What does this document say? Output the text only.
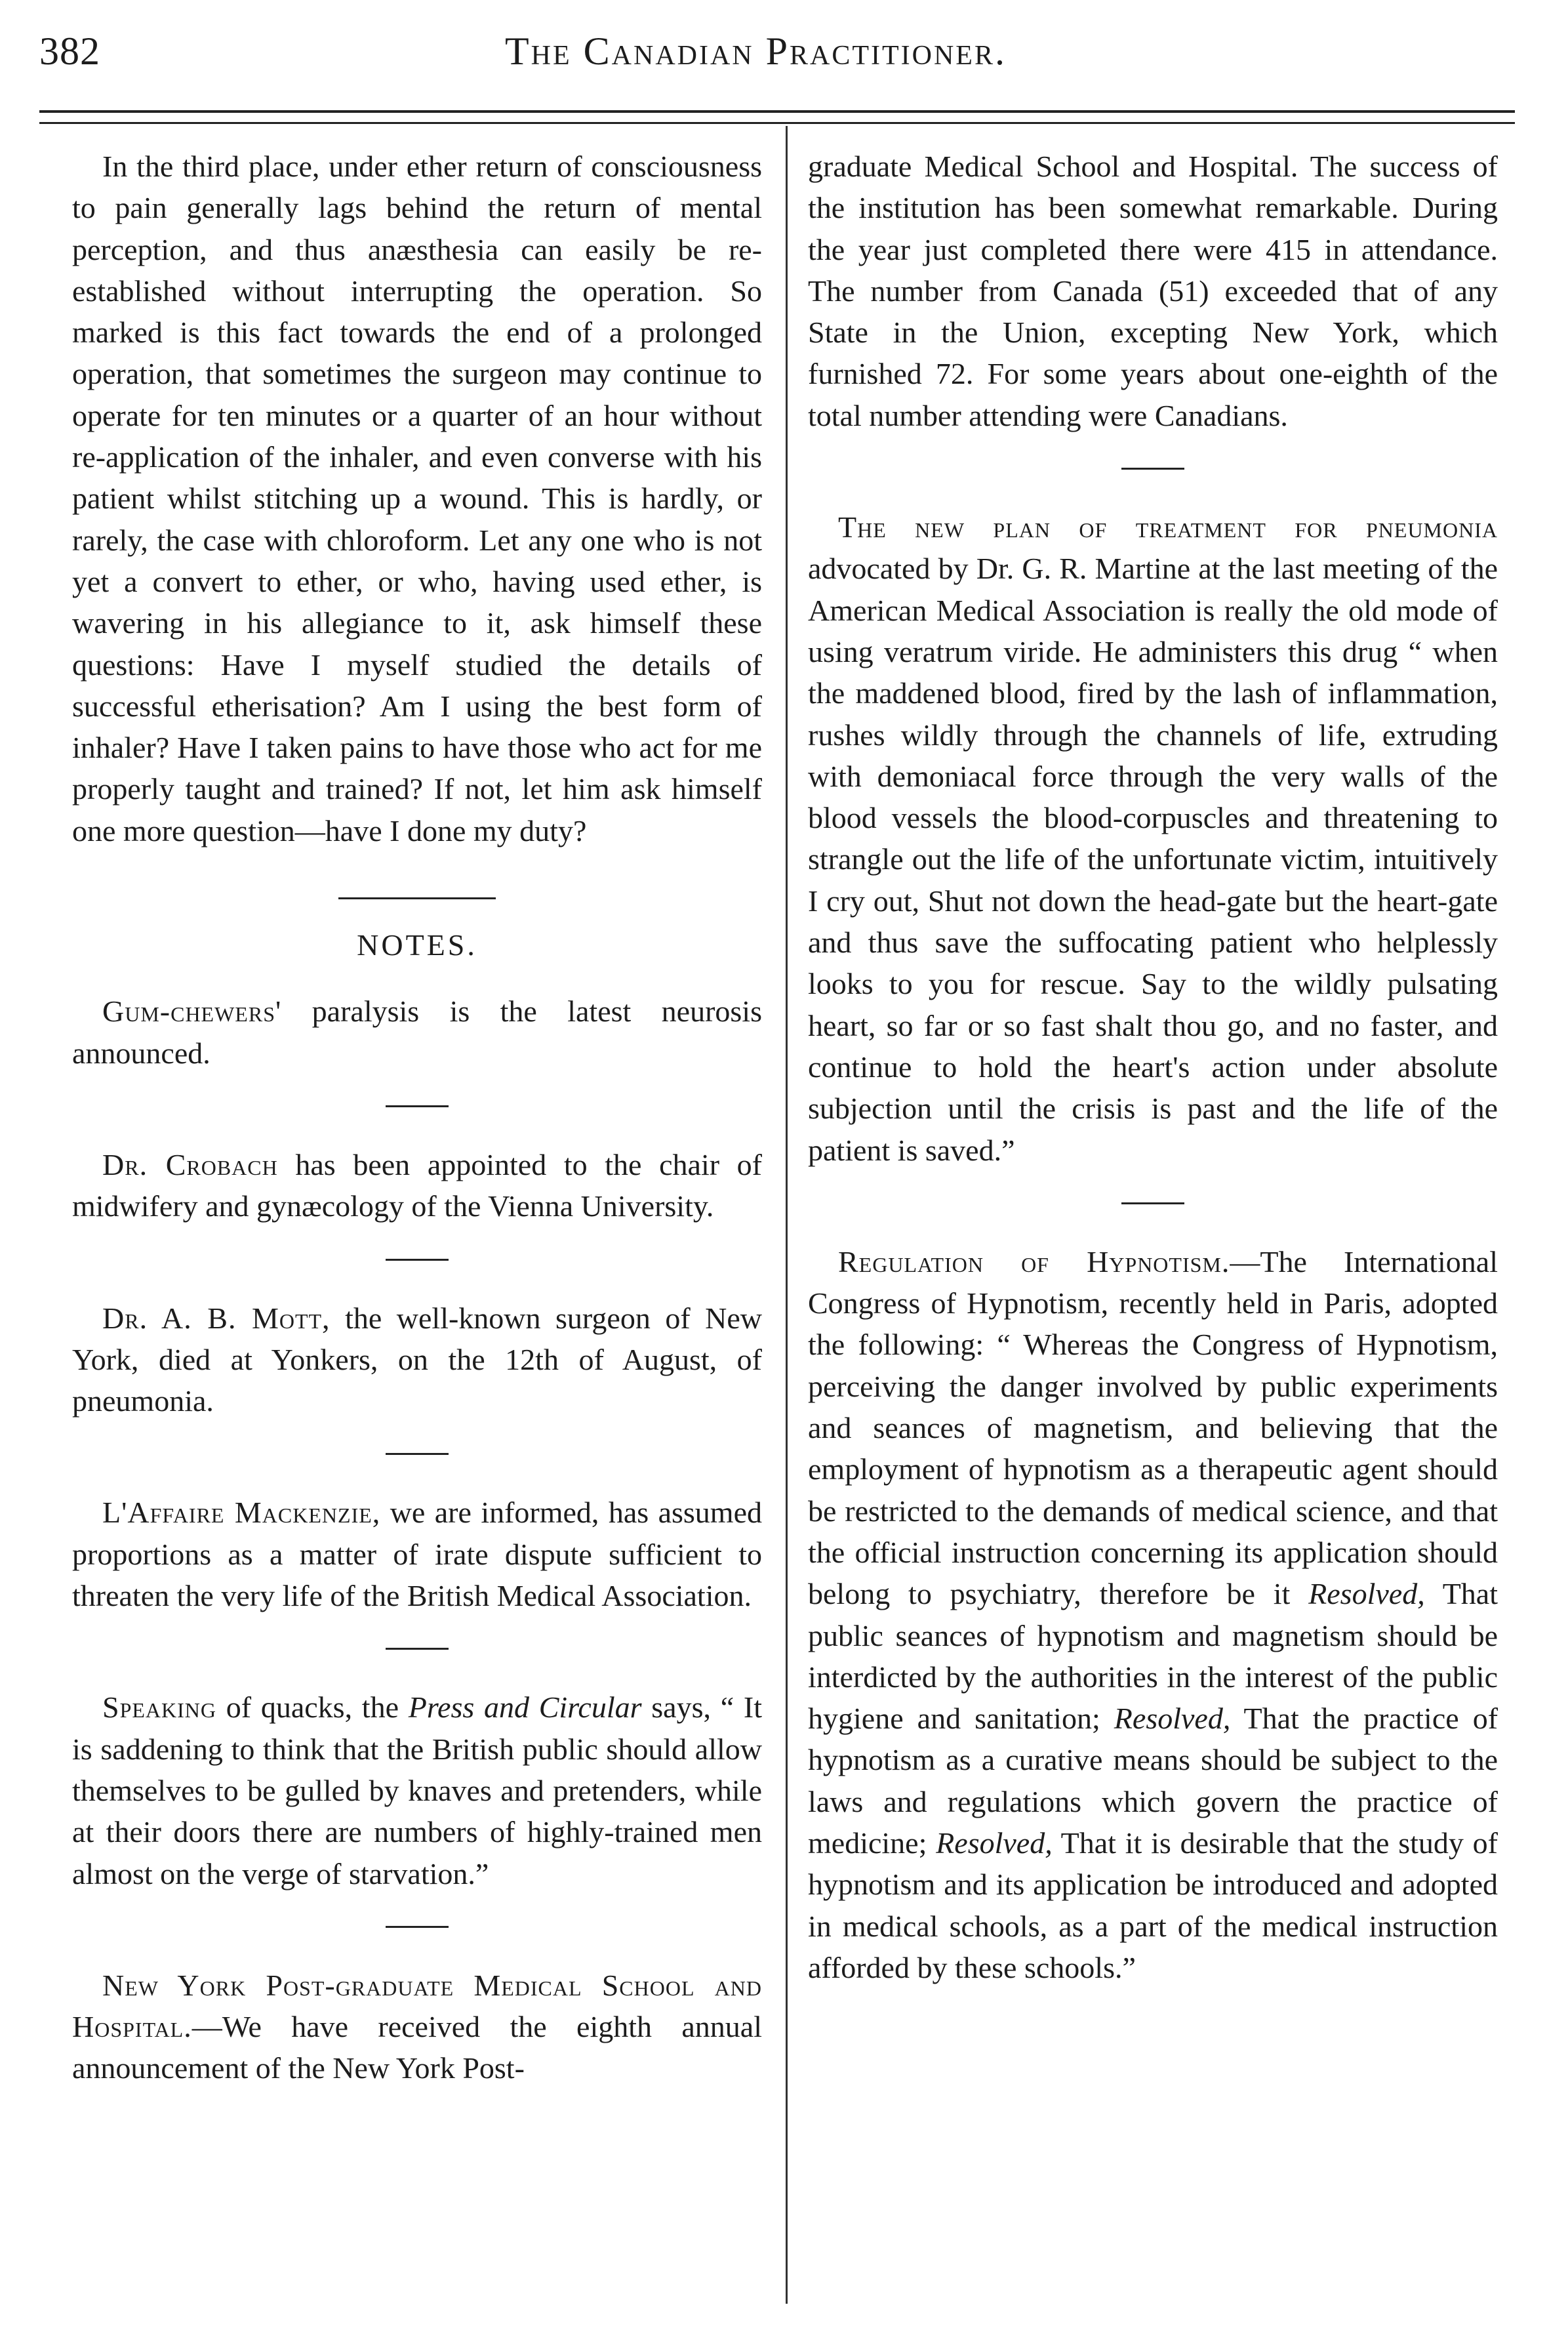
382	The Canadian Practitioner.

In the third place, under ether return of consciousness to pain generally lags behind the return of mental perception, and thus anæsthesia can easily be re-established without interrupting the operation. So marked is this fact towards the end of a prolonged operation, that sometimes the surgeon may continue to operate for ten minutes or a quarter of an hour without re-application of the inhaler, and even converse with his patient whilst stitching up a wound. This is hardly, or rarely, the case with chloroform. Let any one who is not yet a convert to ether, or who, having used ether, is wavering in his allegiance to it, ask himself these questions: Have I myself studied the details of successful etherisation? Am I using the best form of inhaler? Have I taken pains to have those who act for me properly taught and trained? If not, let him ask himself one more question—have I done my duty?

NOTES.

Gum-chewers' paralysis is the latest neurosis announced.

Dr. Crobach has been appointed to the chair of midwifery and gynæcology of the Vienna University.

Dr. A. B. Mott, the well-known surgeon of New York, died at Yonkers, on the 12th of August, of pneumonia.

L'Affaire Mackenzie, we are informed, has assumed proportions as a matter of irate dispute sufficient to threaten the very life of the British Medical Association.

Speaking of quacks, the Press and Circular says, “ It is saddening to think that the British public should allow themselves to be gulled by knaves and pretenders, while at their doors there are numbers of highly-trained men almost on the verge of starvation.”

New York Post-graduate Medical School and Hospital.—We have received the eighth annual announcement of the New York Post-

graduate Medical School and Hospital. The success of the institution has been somewhat remarkable. During the year just completed there were 415 in attendance. The number from Canada (51) exceeded that of any State in the Union, excepting New York, which furnished 72. For some years about one-eighth of the total number attending were Canadians.

The new plan of treatment for pneumonia advocated by Dr. G. R. Martine at the last meeting of the American Medical Association is really the old mode of using veratrum viride. He administers this drug “ when the maddened blood, fired by the lash of inflammation, rushes wildly through the channels of life, extruding with demoniacal force through the very walls of the blood vessels the blood-corpuscles and threatening to strangle out the life of the unfortunate victim, intuitively I cry out, Shut not down the head-gate but the heart-gate and thus save the suffocating patient who helplessly looks to you for rescue. Say to the wildly pulsating heart, so far or so fast shalt thou go, and no faster, and continue to hold the heart's action under absolute subjection until the crisis is past and the life of the patient is saved.”

Regulation of Hypnotism.—The International Congress of Hypnotism, recently held in Paris, adopted the following: “ Whereas the Congress of Hypnotism, perceiving the danger involved by public experiments and seances of magnetism, and believing that the employment of hypnotism as a therapeutic agent should be restricted to the demands of medical science, and that the official instruction concerning its application should belong to psychiatry, therefore be it Resolved, That public seances of hypnotism and magnetism should be interdicted by the authorities in the interest of the public hygiene and sanitation; Resolved, That the practice of hypnotism as a curative means should be subject to the laws and regulations which govern the practice of medicine; Resolved, That it is desirable that the study of hypnotism and its application be introduced and adopted in medical schools, as a part of the medical instruction afforded by these schools.”
